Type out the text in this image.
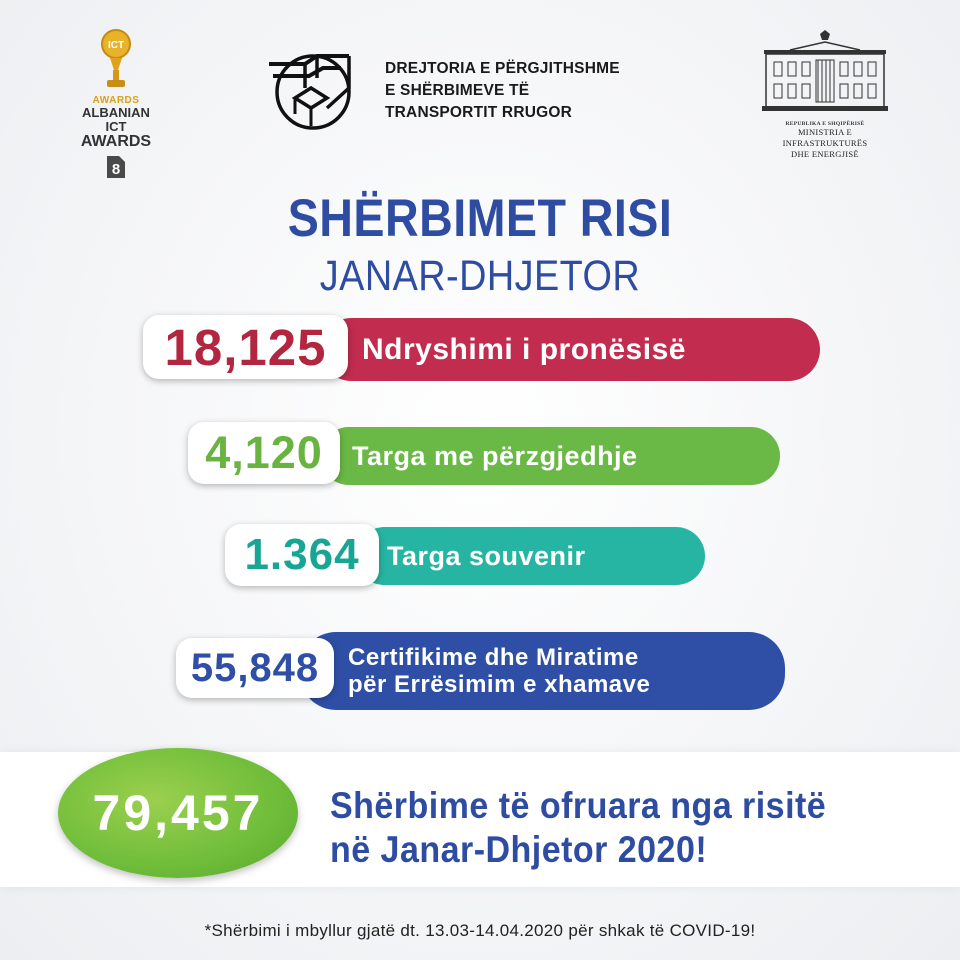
ICT
AWARDS
ALBANIAN ICT
AWARDS
8
DREJTORIA E PËRGJITHSHME
E SHËRBIMEVE TË
TRANSPORTIT RRUGOR
REPUBLIKA E SHQIPËRISË
MINISTRIA E INFRASTRUKTURËS
DHE ENERGJISË
SHËRBIMET RISI
JANAR-DHJETOR
Ndryshimi i pronësisë
18,125
Targa me përzgjedhje
4,120
Targa souvenir
1.364
Certifikime dhe Miratime
për Errësimim e xhamave
55,848
79,457 Shërbime të ofruara nga risitë
në Janar-Dhjetor 2020!
*Shërbimi i mbyllur gjatë dt. 13.03-14.04.2020 për shkak të COVID-19!
